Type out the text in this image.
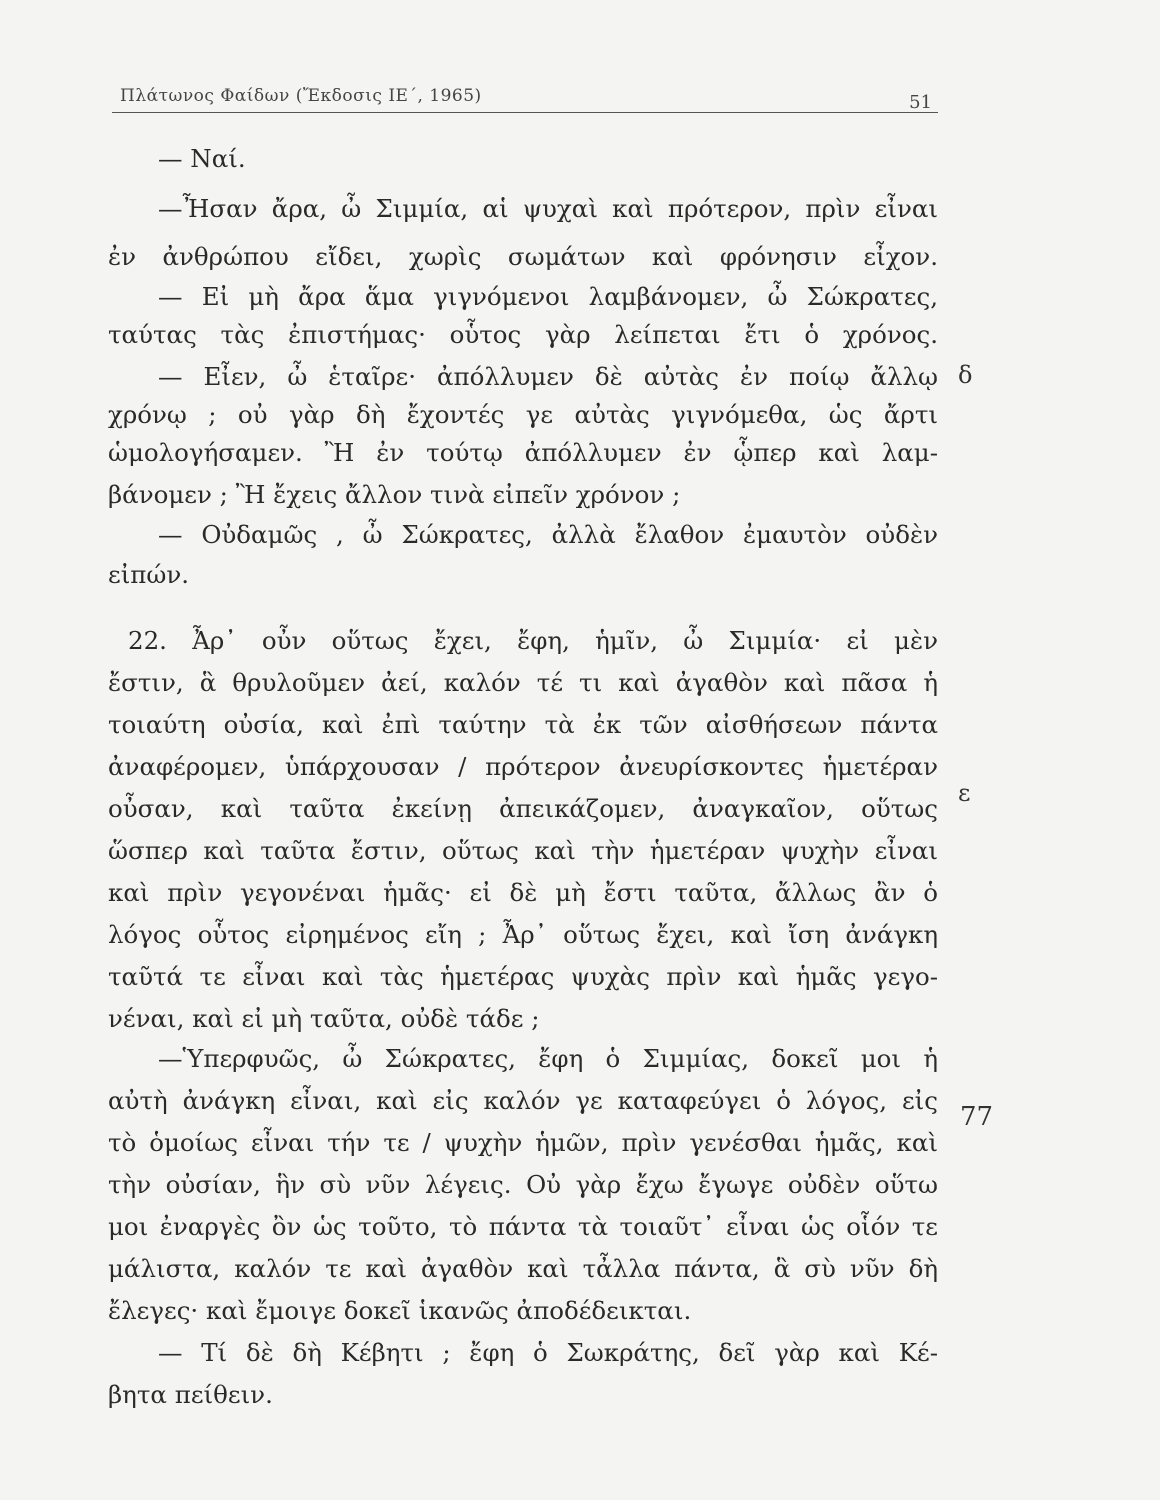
Πλάτωνος Φαίδων (Ἔκδοσις ΙΕ΄, 1965)	51
— Ναί.
—Ἦσαν ἄρα, ὦ Σιμμία, αἱ ψυχαὶ καὶ πρότερον, πρὶν εἶναι
ἐν ἀνθρώπου εἴδει, χωρὶς σωμάτων καὶ φρόνησιν εἶχον.
— Εἰ μὴ ἄρα ἅμα γιγνόμενοι λαμβάνομεν, ὦ Σώκρατες,
ταύτας τὰς ἐπιστήμας· οὗτος γὰρ λείπεται ἔτι ὁ χρόνος.
— Εἶεν, ὦ ἑταῖρε· ἀπόλλυμεν δὲ αὐτὰς ἐν ποίῳ ἄλλῳ
χρόνῳ ; οὐ γὰρ δὴ ἔχοντές γε αὐτὰς γιγνόμεθα, ὡς ἄρτι
ὡμολογήσαμεν. Ἢ ἐν τούτῳ ἀπόλλυμεν ἐν ᾧπερ καὶ λαμ-
βάνομεν ; Ἢ ἔχεις ἄλλον τινὰ εἰπεῖν χρόνον ;
— Οὐδαμῶς , ὦ Σώκρατες, ἀλλὰ ἔλαθον ἐμαυτὸν οὐδὲν
εἰπών.
22. Ἆρ᾽ οὖν οὕτως ἔχει, ἔφη, ἡμῖν, ὦ Σιμμία· εἰ μὲν
ἔστιν, ἃ θρυλοῦμεν ἀεί, καλόν τέ τι καὶ ἀγαθὸν καὶ πᾶσα ἡ
τοιαύτη οὐσία, καὶ ἐπὶ ταύτην τὰ ἐκ τῶν αἰσθήσεων πάντα
ἀναφέρομεν, ὑπάρχουσαν / πρότερον ἀνευρίσκοντες ἡμετέραν
οὖσαν, καὶ ταῦτα ἐκείνῃ ἀπεικάζομεν, ἀναγκαῖον, οὕτως
ὥσπερ καὶ ταῦτα ἔστιν, οὕτως καὶ τὴν ἡμετέραν ψυχὴν εἶναι
καὶ πρὶν γεγονέναι ἡμᾶς· εἰ δὲ μὴ ἔστι ταῦτα, ἄλλως ἂν ὁ
λόγος οὗτος εἰρημένος εἴη ; Ἆρ᾽ οὕτως ἔχει, καὶ ἴση ἀνάγκη
ταῦτά τε εἶναι καὶ τὰς ἡμετέρας ψυχὰς πρὶν καὶ ἡμᾶς γεγο-
νέναι, καὶ εἰ μὴ ταῦτα, οὐδὲ τάδε ;
—Ὑπερφυῶς, ὦ Σώκρατες, ἔφη ὁ Σιμμίας, δοκεῖ μοι ἡ
αὐτὴ ἀνάγκη εἶναι, καὶ εἰς καλόν γε καταφεύγει ὁ λόγος, εἰς
τὸ ὁμοίως εἶναι τήν τε / ψυχὴν ἡμῶν, πρὶν γενέσθαι ἡμᾶς, καὶ
τὴν οὐσίαν, ἣν σὺ νῦν λέγεις. Οὐ γὰρ ἔχω ἔγωγε οὐδὲν οὕτω
μοι ἐναργὲς ὂν ὡς τοῦτο, τὸ πάντα τὰ τοιαῦτ᾽ εἶναι ὡς οἷόν τε
μάλιστα, καλόν τε καὶ ἀγαθὸν καὶ τἆλλα πάντα, ἃ σὺ νῦν δὴ
ἔλεγες· καὶ ἔμοιγε δοκεῖ ἱκανῶς ἀποδέδεικται.
— Τί δὲ δὴ Κέβητι ; ἔφη ὁ Σωκράτης, δεῖ γὰρ καὶ Κέ-
βητα πείθειν.
δ
ε
77
